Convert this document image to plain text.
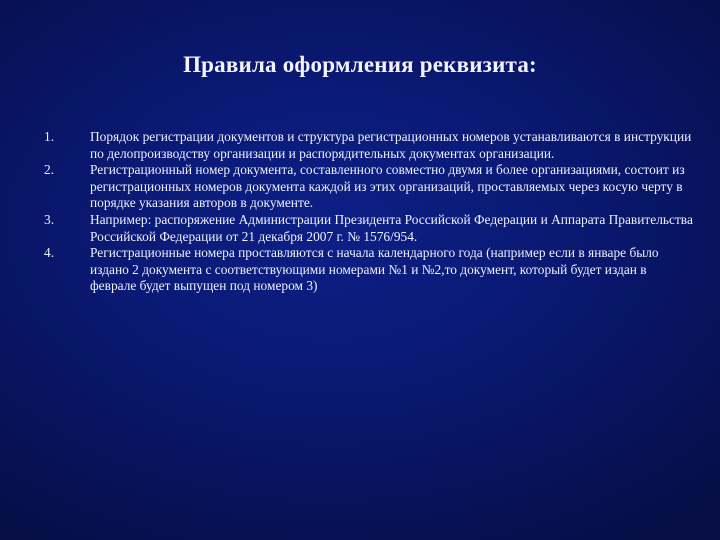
Правила оформления реквизита:
1.	Порядок регистрации документов и структура регистрационных номеров устанавливаются в инструкции по делопроизводству организации и распорядительных документах организации.
2.	Регистрационный номер документа, составленного совместно двумя и более организациями, состоит из регистрационных номеров документа каждой из этих организаций, проставляемых через косую черту в порядке указания авторов в документе.
3.	Например: распоряжение Администрации Президента Российской Федерации и Аппарата Правительства Российской Федерации от 21 декабря 2007 г. № 1576/954.
4.	Регистрационные номера проставляются с начала календарного года (например если в январе было издано 2 документа с соответствующими номерами №1 и №2,то документ, который будет издан в феврале будет выпущен под номером 3)
